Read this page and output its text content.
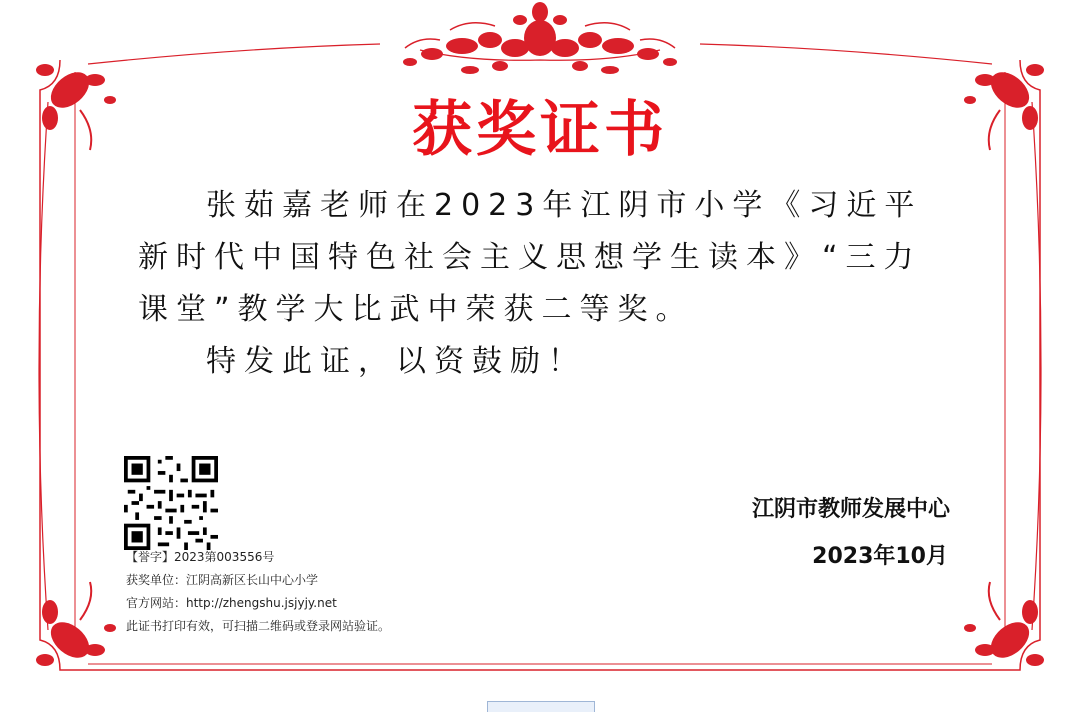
获奖证书

张茹嘉老师在2023年江阴市小学《习近平新时代中国特色社会主义思想学生读本》“三力课堂”教学大比武中荣获二等奖。

特发此证，以资鼓励！

【誉字】2023第003556号
获奖单位：江阴高新区长山中心小学
官方网站：http://zhengshu.jsjyjy.net
此证书打印有效，可扫描二维码或登录网站验证。
江阴市教师发展中心
2023年10月
